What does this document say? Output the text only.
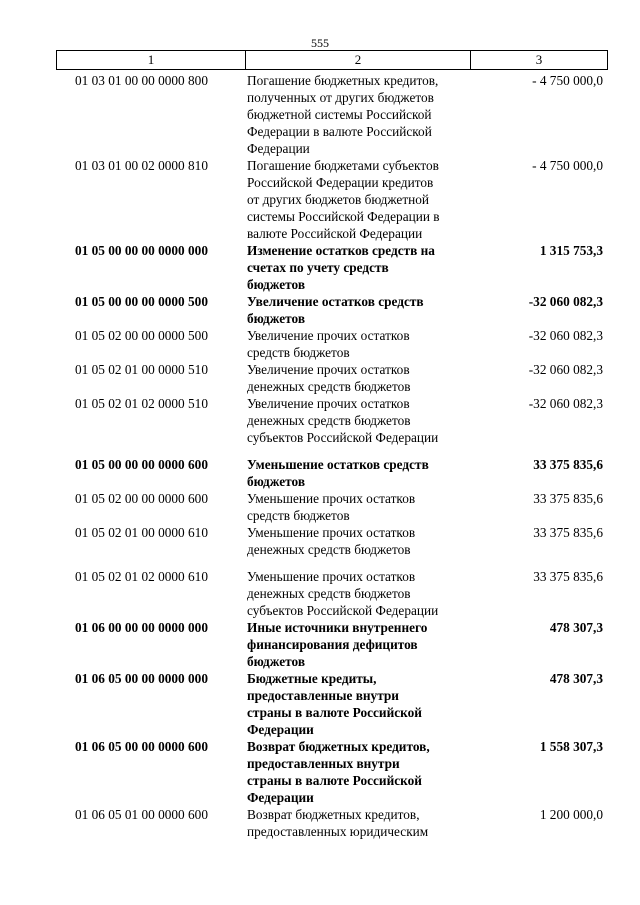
555
1	2	3
01 03 01 00 00 0000 800	Погашение бюджетных кредитов,
полученных от других бюджетов
бюджетной системы Российской
Федерации в валюте Российской
Федерации
- 4 750 000,0
01 03 01 00 02 0000 810	Погашение бюджетами субъектов
Российской Федерации кредитов
от других бюджетов бюджетной
системы Российской Федерации в
валюте Российской Федерации
- 4 750 000,0
01 05 00 00 00 0000 000	Изменение остатков средств на
счетах по учету средств
бюджетов
1 315 753,3
01 05 00 00 00 0000 500	Увеличение остатков средств
бюджетов
-32 060 082,3
01 05 02 00 00 0000 500	Увеличение прочих остатков
средств бюджетов
-32 060 082,3
01 05 02 01 00 0000 510	Увеличение прочих остатков
денежных средств бюджетов
-32 060 082,3
01 05 02 01 02 0000 510	Увеличение прочих остатков
денежных средств бюджетов
субъектов Российской Федерации
-32 060 082,3
01 05 00 00 00 0000 600	Уменьшение остатков средств
бюджетов
33 375 835,6
01 05 02 00 00 0000 600	Уменьшение прочих остатков
средств бюджетов
33 375 835,6
01 05 02 01 00 0000 610	Уменьшение прочих остатков
денежных средств бюджетов
33 375 835,6
01 05 02 01 02 0000 610	Уменьшение прочих остатков
денежных средств бюджетов
субъектов Российской Федерации
33 375 835,6
01 06 00 00 00 0000 000	Иные источники внутреннего
финансирования дефицитов
бюджетов
478 307,3
01 06 05 00 00 0000 000	Бюджетные кредиты,
предоставленные внутри
страны в валюте Российской
Федерации
478 307,3
01 06 05 00 00 0000 600	Возврат бюджетных кредитов,
предоставленных внутри
страны в валюте Российской
Федерации
1 558 307,3
01 06 05 01 00 0000 600	Возврат бюджетных кредитов,
предоставленных юридическим
1 200 000,0
